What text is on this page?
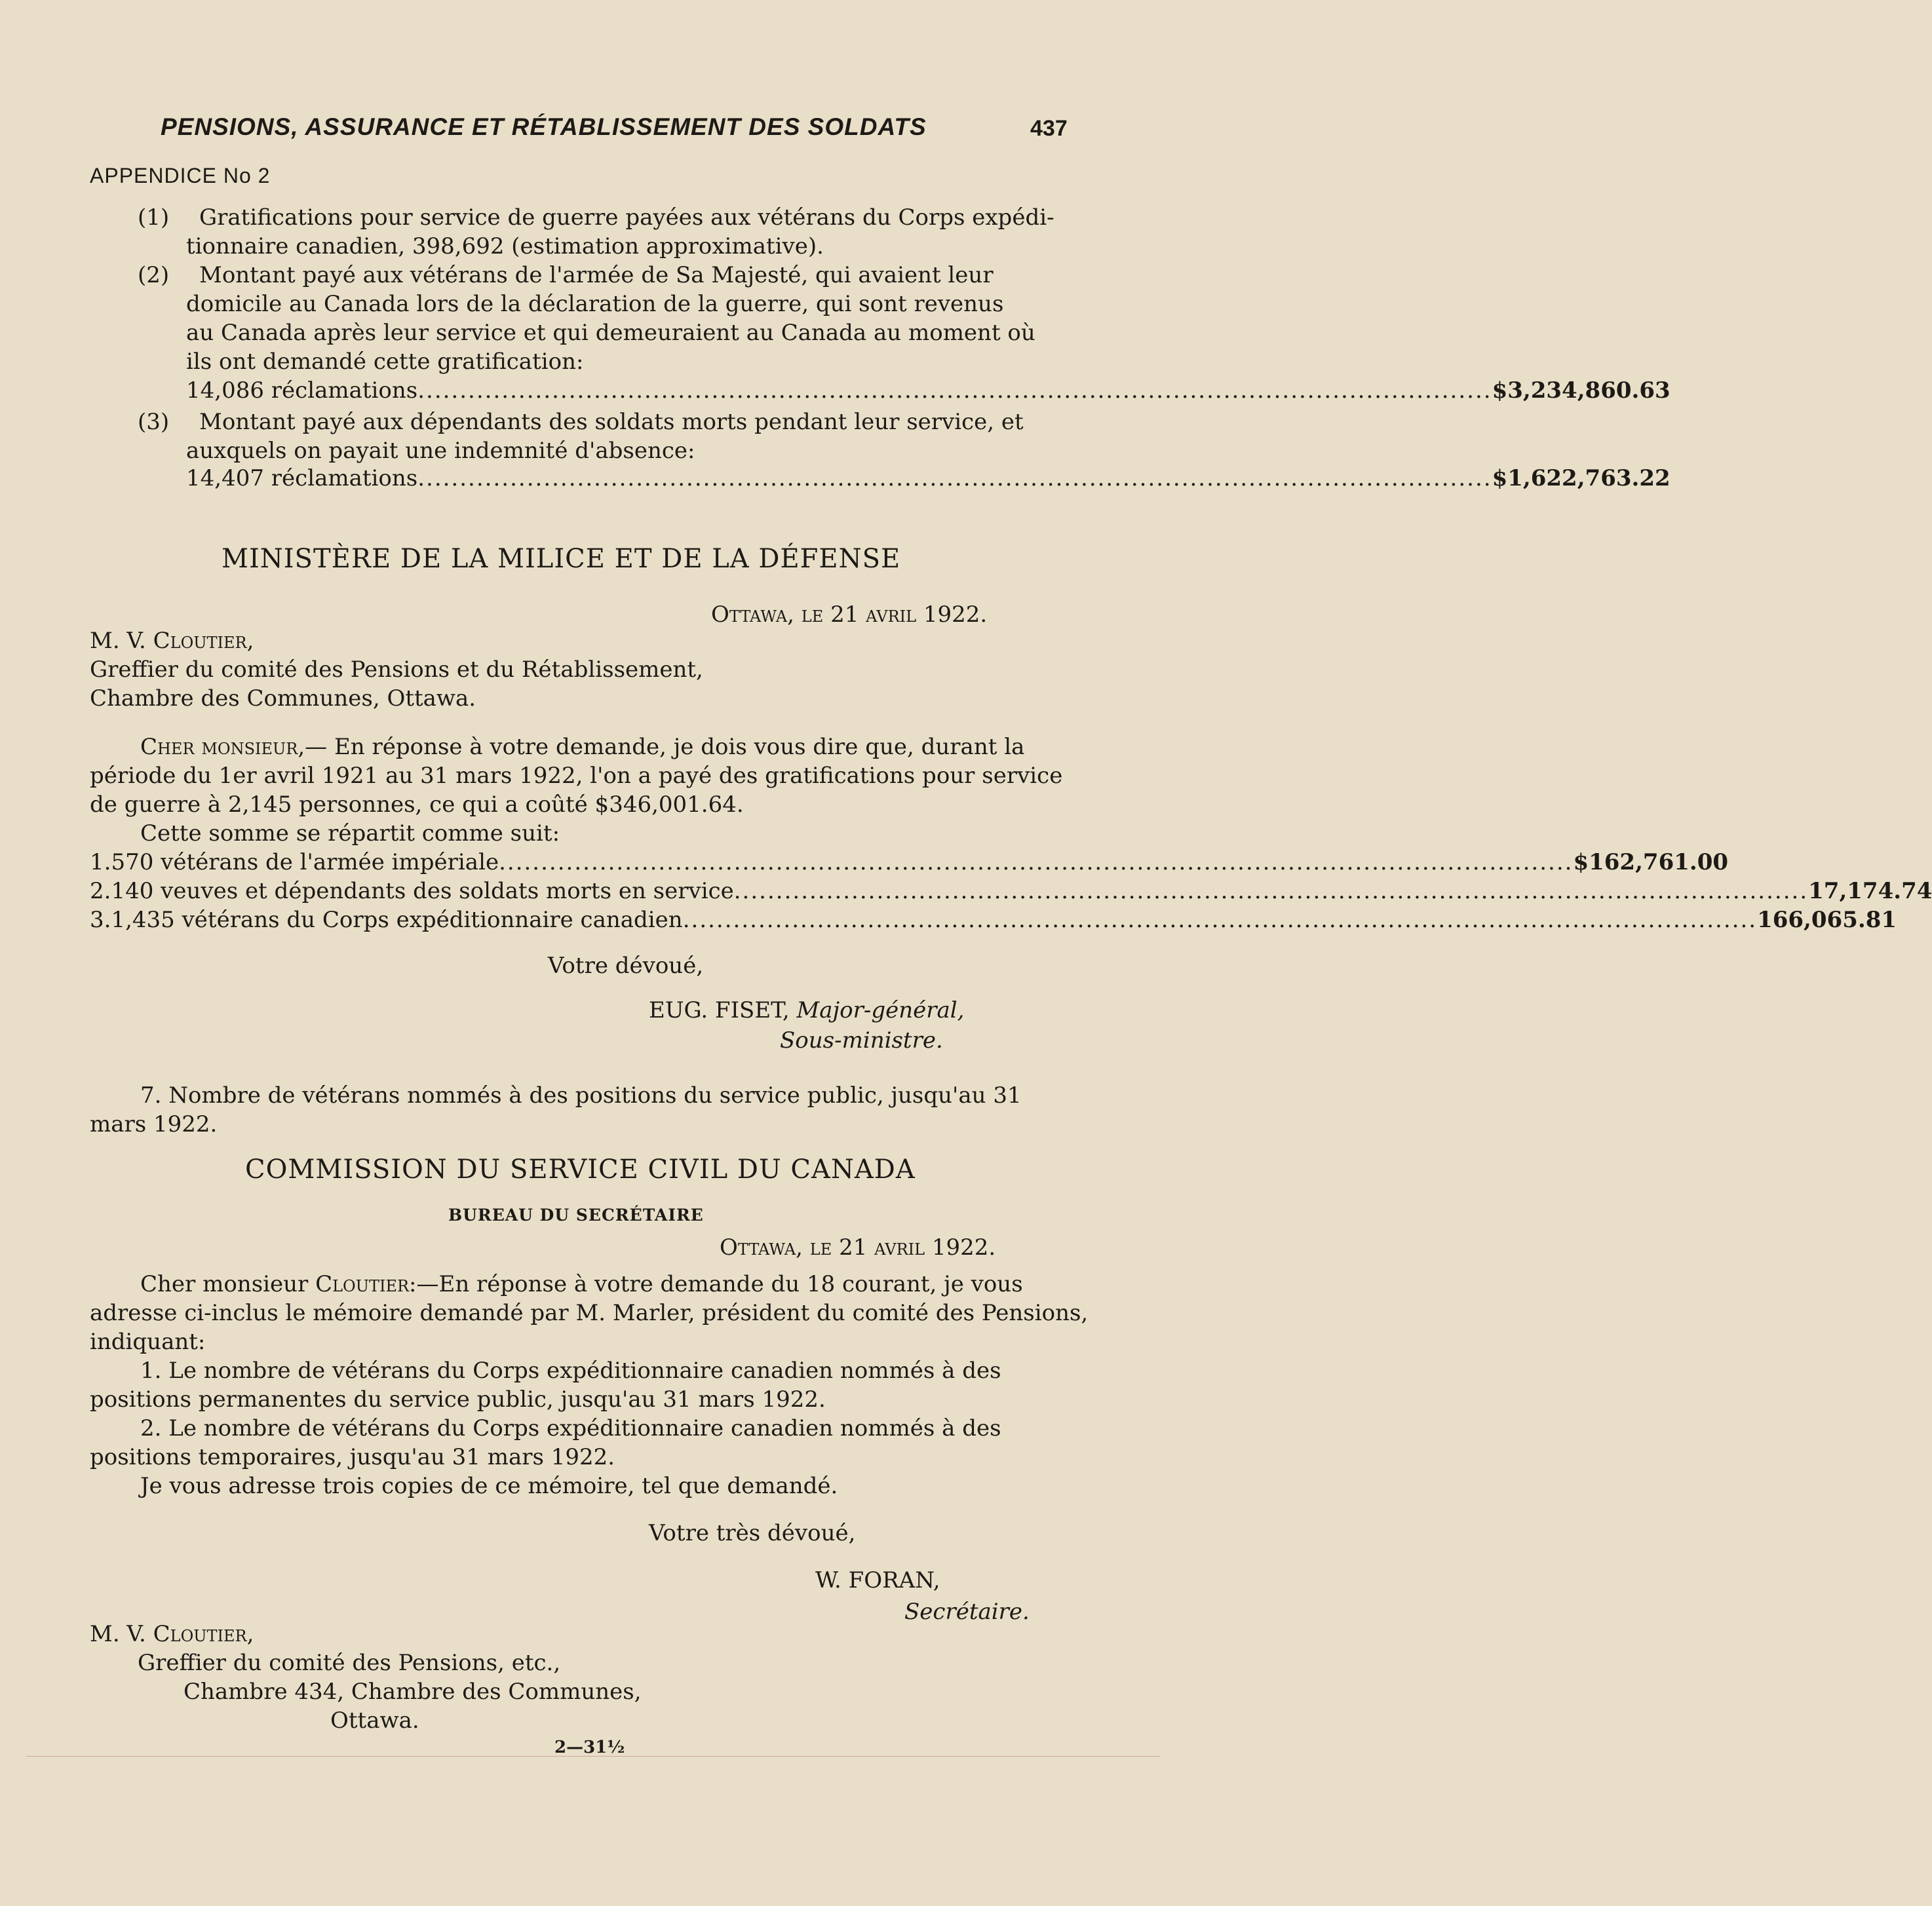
PENSIONS, ASSURANCE ET RÉTABLISSEMENT DES SOLDATS	437
APPENDICE No 2
(1) Gratifications pour service de guerre payées aux vétérans du Corps expédi-
tionnaire canadien, 398,692 (estimation approximative).
(2) Montant payé aux vétérans de l'armée de Sa Majesté, qui avaient leur
domicile au Canada lors de la déclaration de la guerre, qui sont revenus
au Canada après leur service et qui demeuraient au Canada au moment où
ils ont demandé cette gratification:
14,086 réclamations ................................................................................................................................ $3,234,860.63
(3) Montant payé aux dépendants des soldats morts pendant leur service, et
auxquels on payait une indemnité d'absence:
14,407 réclamations ................................................................................................................................ $1,622,763.22
MINISTÈRE DE LA MILICE ET DE LA DÉFENSE
Ottawa, le 21 avril 1922.
M. V. Cloutier,
Greffier du comité des Pensions et du Rétablissement,
Chambre des Communes, Ottawa.
Cher monsieur,— En réponse à votre demande, je dois vous dire que, durant la
période du 1er avril 1921 au 31 mars 1922, l'on a payé des gratifications pour service
de guerre à 2,145 personnes, ce qui a coûté $346,001.64.
Cette somme se répartit comme suit:
1. 570 vétérans de l'armée impériale ................................................................................................................................ $162,761.00
2. 140 veuves et dépendants des soldats morts en service ................................................................................................................................ 17,174.74
3. 1,435 vétérans du Corps expéditionnaire canadien ................................................................................................................................ 166,065.81
Votre dévoué,
EUG. FISET, Major-général,
Sous-ministre.
7. Nombre de vétérans nommés à des positions du service public, jusqu'au 31
mars 1922.
COMMISSION DU SERVICE CIVIL DU CANADA
BUREAU DU SECRÉTAIRE
Ottawa, le 21 avril 1922.
Cher monsieur Cloutier:—En réponse à votre demande du 18 courant, je vous
adresse ci-inclus le mémoire demandé par M. Marler, président du comité des Pensions,
indiquant:
1. Le nombre de vétérans du Corps expéditionnaire canadien nommés à des
positions permanentes du service public, jusqu'au 31 mars 1922.
2. Le nombre de vétérans du Corps expéditionnaire canadien nommés à des
positions temporaires, jusqu'au 31 mars 1922.
Je vous adresse trois copies de ce mémoire, tel que demandé.
Votre très dévoué,
W. FORAN,
Secrétaire.
M. V. Cloutier,
Greffier du comité des Pensions, etc.,
Chambre 434, Chambre des Communes,
Ottawa.
2—31½
